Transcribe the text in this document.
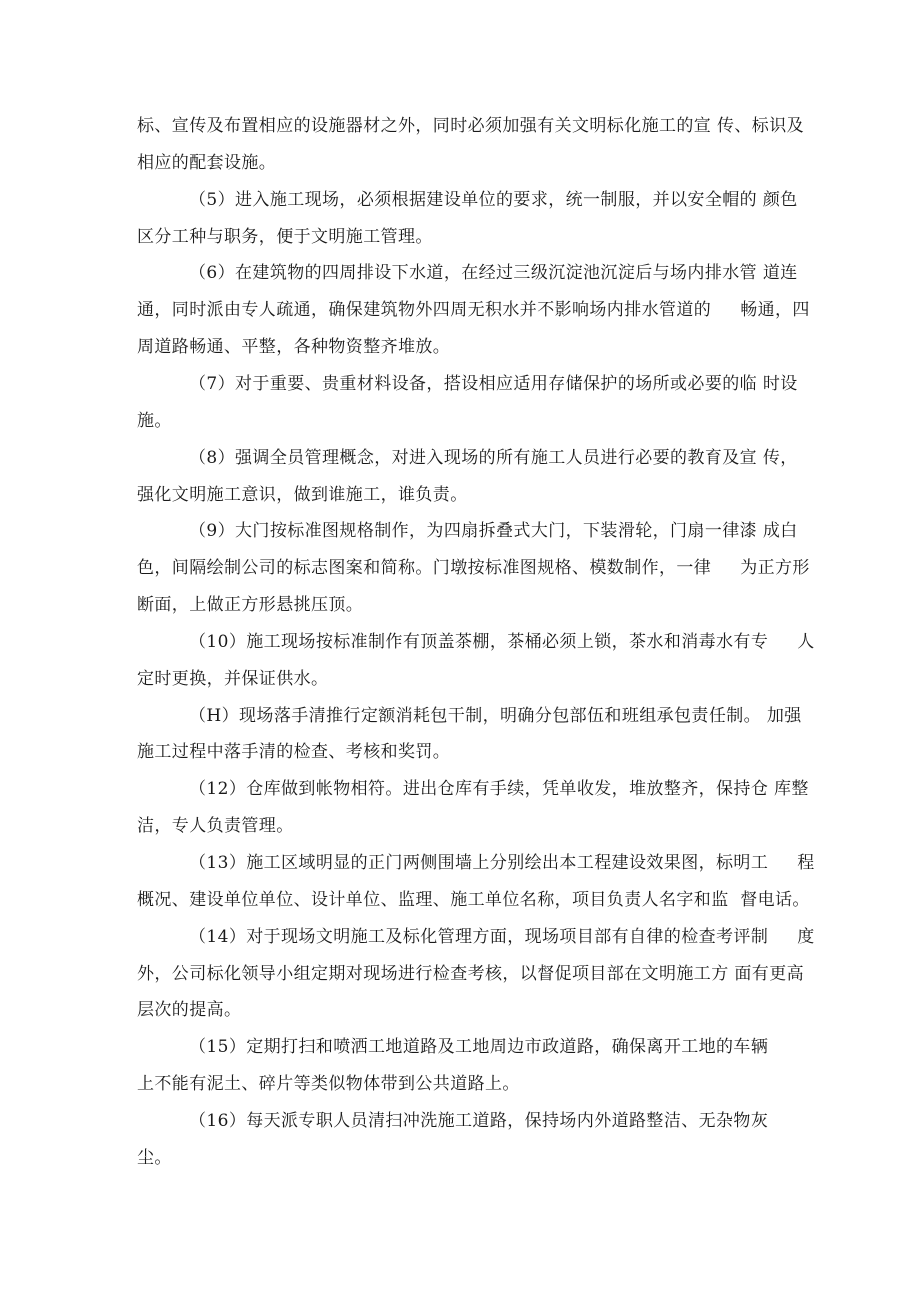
标、宣传及布置相应的设施器材之外，同时必须加强有关文明标化施工的宣 传、标识及
相应的配套设施。
（5）进入施工现场，必须根据建设单位的要求，统一制服，并以安全帽的 颜色
区分工种与职务，便于文明施工管理。
（6）在建筑物的四周排设下水道，在经过三级沉淀池沉淀后与场内排水管 道连
通，同时派由专人疏通，确保建筑物外四周无积水并不影响场内排水管道的     畅通，四
周道路畅通、平整，各种物资整齐堆放。
（7）对于重要、贵重材料设备，搭设相应适用存储保护的场所或必要的临 时设
施。
（8）强调全员管理概念，对进入现场的所有施工人员进行必要的教育及宣 传，
强化文明施工意识，做到谁施工，谁负责。
（9）大门按标准图规格制作，为四扇拆叠式大门，下装滑轮，门扇一律漆 成白
色，间隔绘制公司的标志图案和简称。门墩按标准图规格、模数制作，一律     为正方形
断面，上做正方形悬挑压顶。
（10）施工现场按标准制作有顶盖茶棚，茶桶必须上锁，茶水和消毒水有专     人
定时更换，并保证供水。
（H）现场落手清推行定额消耗包干制，明确分包部伍和班组承包责任制。 加强
施工过程中落手清的检查、考核和奖罚。
（12）仓库做到帐物相符。进出仓库有手续，凭单收发，堆放整齐，保持仓 库整
洁，专人负责管理。
（13）施工区域明显的正门两侧围墙上分别绘出本工程建设效果图，标明工     程
概况、建设单位单位、设计单位、监理、施工单位名称，项目负责人名字和监  督电话。
（14）对于现场文明施工及标化管理方面，现场项目部有自律的检查考评制     度
外，公司标化领导小组定期对现场进行检查考核，以督促项目部在文明施工方 面有更高
层次的提高。
（15）定期打扫和喷洒工地道路及工地周边市政道路，确保离开工地的车辆
上不能有泥土、碎片等类似物体带到公共道路上。
（16）每天派专职人员清扫冲洗施工道路，保持场内外道路整洁、无杂物灰
尘。
